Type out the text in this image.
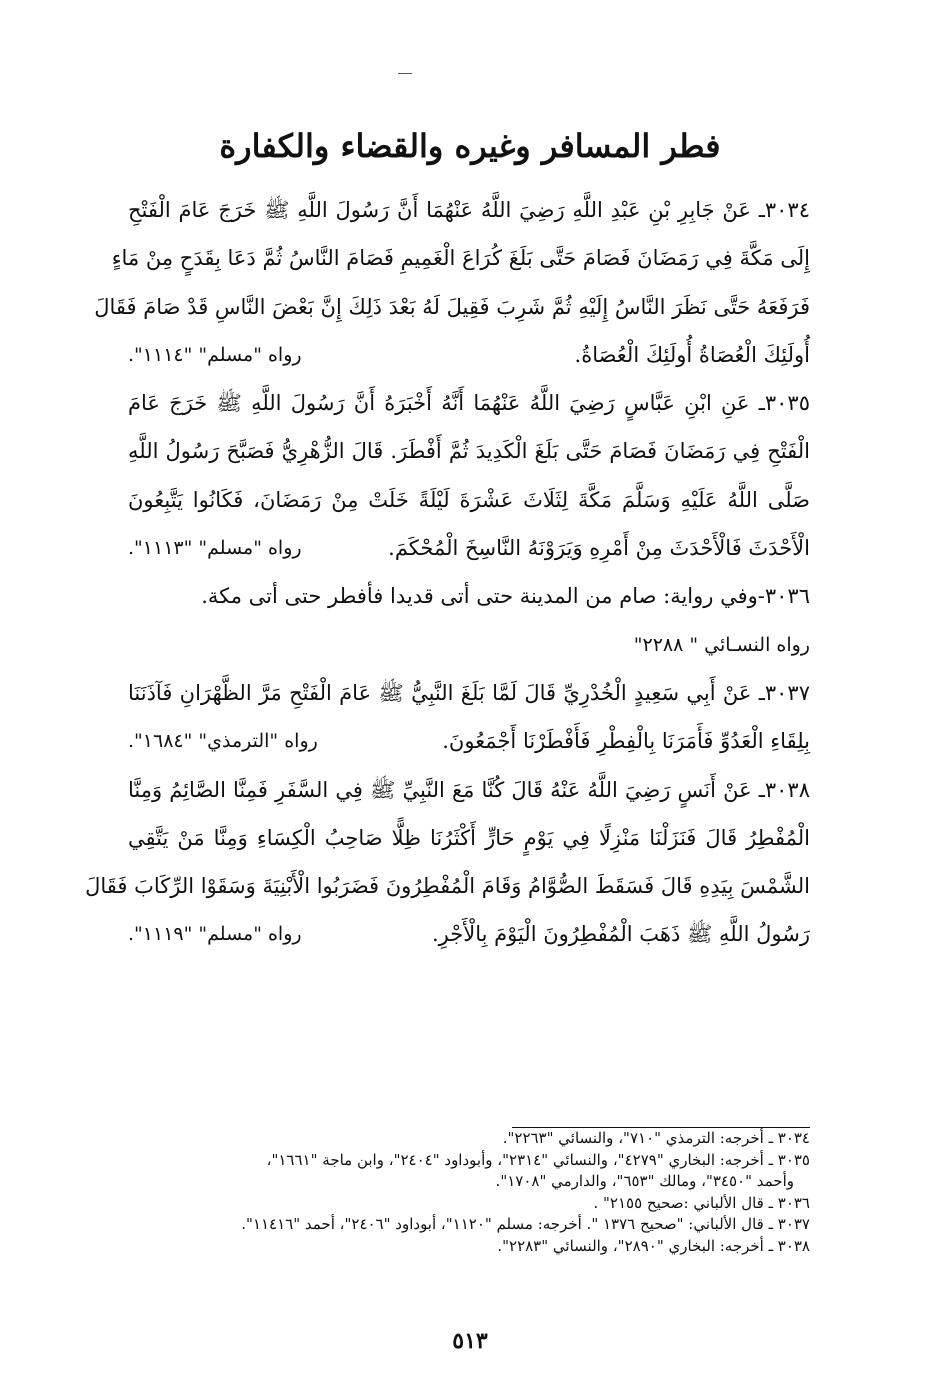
فطر المسافر وغيره والقضاء والكفارة
٣٠٣٤ـ عَنْ جَابِرِ بْنِ عَبْدِ اللَّهِ رَضِيَ اللَّهُ عَنْهُمَا أَنَّ رَسُولَ اللَّهِ ﷺ خَرَجَ عَامَ الْفَتْحِ
إِلَى مَكَّةَ فِي رَمَضَانَ فَصَامَ حَتَّى بَلَغَ كُرَاعَ الْغَمِيمِ فَصَامَ النَّاسُ ثُمَّ دَعَا بِقَدَحٍ مِنْ مَاءٍ
فَرَفَعَهُ حَتَّى نَظَرَ النَّاسُ إِلَيْهِ ثُمَّ شَرِبَ فَقِيلَ لَهُ بَعْدَ ذَلِكَ إِنَّ بَعْضَ النَّاسِ قَدْ صَامَ فَقَالَ
أُولَئِكَ الْعُصَاةُ أُولَئِكَ الْعُصَاةُ.
رواه "مسلم" "١١١٤".
٣٠٣٥ـ عَنِ ابْنِ عَبَّاسٍ رَضِيَ اللَّهُ عَنْهُمَا أَنَّهُ أَخْبَرَهُ أَنَّ رَسُولَ اللَّهِ ﷺ خَرَجَ عَامَ
الْفَتْحِ فِي رَمَضَانَ فَصَامَ حَتَّى بَلَغَ الْكَدِيدَ ثُمَّ أَفْطَرَ. قَالَ الزُّهْرِيُّ فَصَبَّحَ رَسُولُ اللَّهِ
صَلَّى اللَّهُ عَلَيْهِ وَسَلَّمَ مَكَّةَ لِثَلَاثَ عَشْرَةَ لَيْلَةً خَلَتْ مِنْ رَمَضَانَ، فَكَانُوا يَتَّبِعُونَ
الْأَحْدَثَ فَالْأَحْدَثَ مِنْ أَمْرِهِ وَيَرَوْنَهُ النَّاسِخَ الْمُحْكَمَ.
رواه "مسلم" "١١١٣".
٣٠٣٦-وفي رواية: صام من المدينة حتى أتى قديدا فأفطر حتى أتى مكة.
رواه النسـائي " ٢٢٨٨"
٣٠٣٧ـ عَنْ أَبِي سَعِيدٍ الْخُدْرِيِّ قَالَ لَمَّا بَلَغَ النَّبِيُّ ﷺ عَامَ الْفَتْحِ مَرَّ الظَّهْرَانِ فَآذَنَنَا
بِلِقَاءِ الْعَدُوِّ فَأَمَرَنَا بِالْفِطْرِ فَأَفْطَرْنَا أَجْمَعُونَ.
رواه "الترمذي" "١٦٨٤".
٣٠٣٨ـ عَنْ أَنَسٍ رَضِيَ اللَّهُ عَنْهُ قَالَ كُنَّا مَعَ النَّبِيِّ ﷺ فِي السَّفَرِ فَمِنَّا الصَّائِمُ وَمِنَّا
الْمُفْطِرُ قَالَ فَنَزَلْنَا مَنْزِلًا فِي يَوْمٍ حَارٍّ أَكْثَرُنَا ظِلًّا صَاحِبُ الْكِسَاءِ وَمِنَّا مَنْ يَتَّقِي
الشَّمْسَ بِيَدِهِ قَالَ فَسَقَطَ الصُّوَّامُ وَقَامَ الْمُفْطِرُونَ فَضَرَبُوا الْأَبْنِيَةَ وَسَقَوْا الرِّكَابَ فَقَالَ
رَسُولُ اللَّهِ ﷺ ذَهَبَ الْمُفْطِرُونَ الْيَوْمَ بِالْأَجْرِ.
رواه "مسلم" "١١١٩".
٣٠٣٤ ـ أخرجه: الترمذي "٧١٠"، والنسائي "٢٢٦٣".
٣٠٣٥ ـ أخرجه: البخاري "٤٢٧٩"، والنسائي "٢٣١٤"، وأبوداود "٢٤٠٤"، وابن ماجة "١٦٦١"،
وأحمد "٣٤٥٠"، ومالك "٦٥٣"، والدارمي "١٧٠٨".
٣٠٣٦ ـ قال الألباني :صحيح ٢١٥٥" .
٣٠٣٧ ـ قال الألباني: "صحيح ١٣٧٦ ". أخرجه: مسلم "١١٢٠"، أبوداود "٢٤٠٦"، أحمد "١١٤١٦".
٣٠٣٨ ـ أخرجه: البخاري "٢٨٩٠"، والنسائي "٢٢٨٣".
٥١٣
